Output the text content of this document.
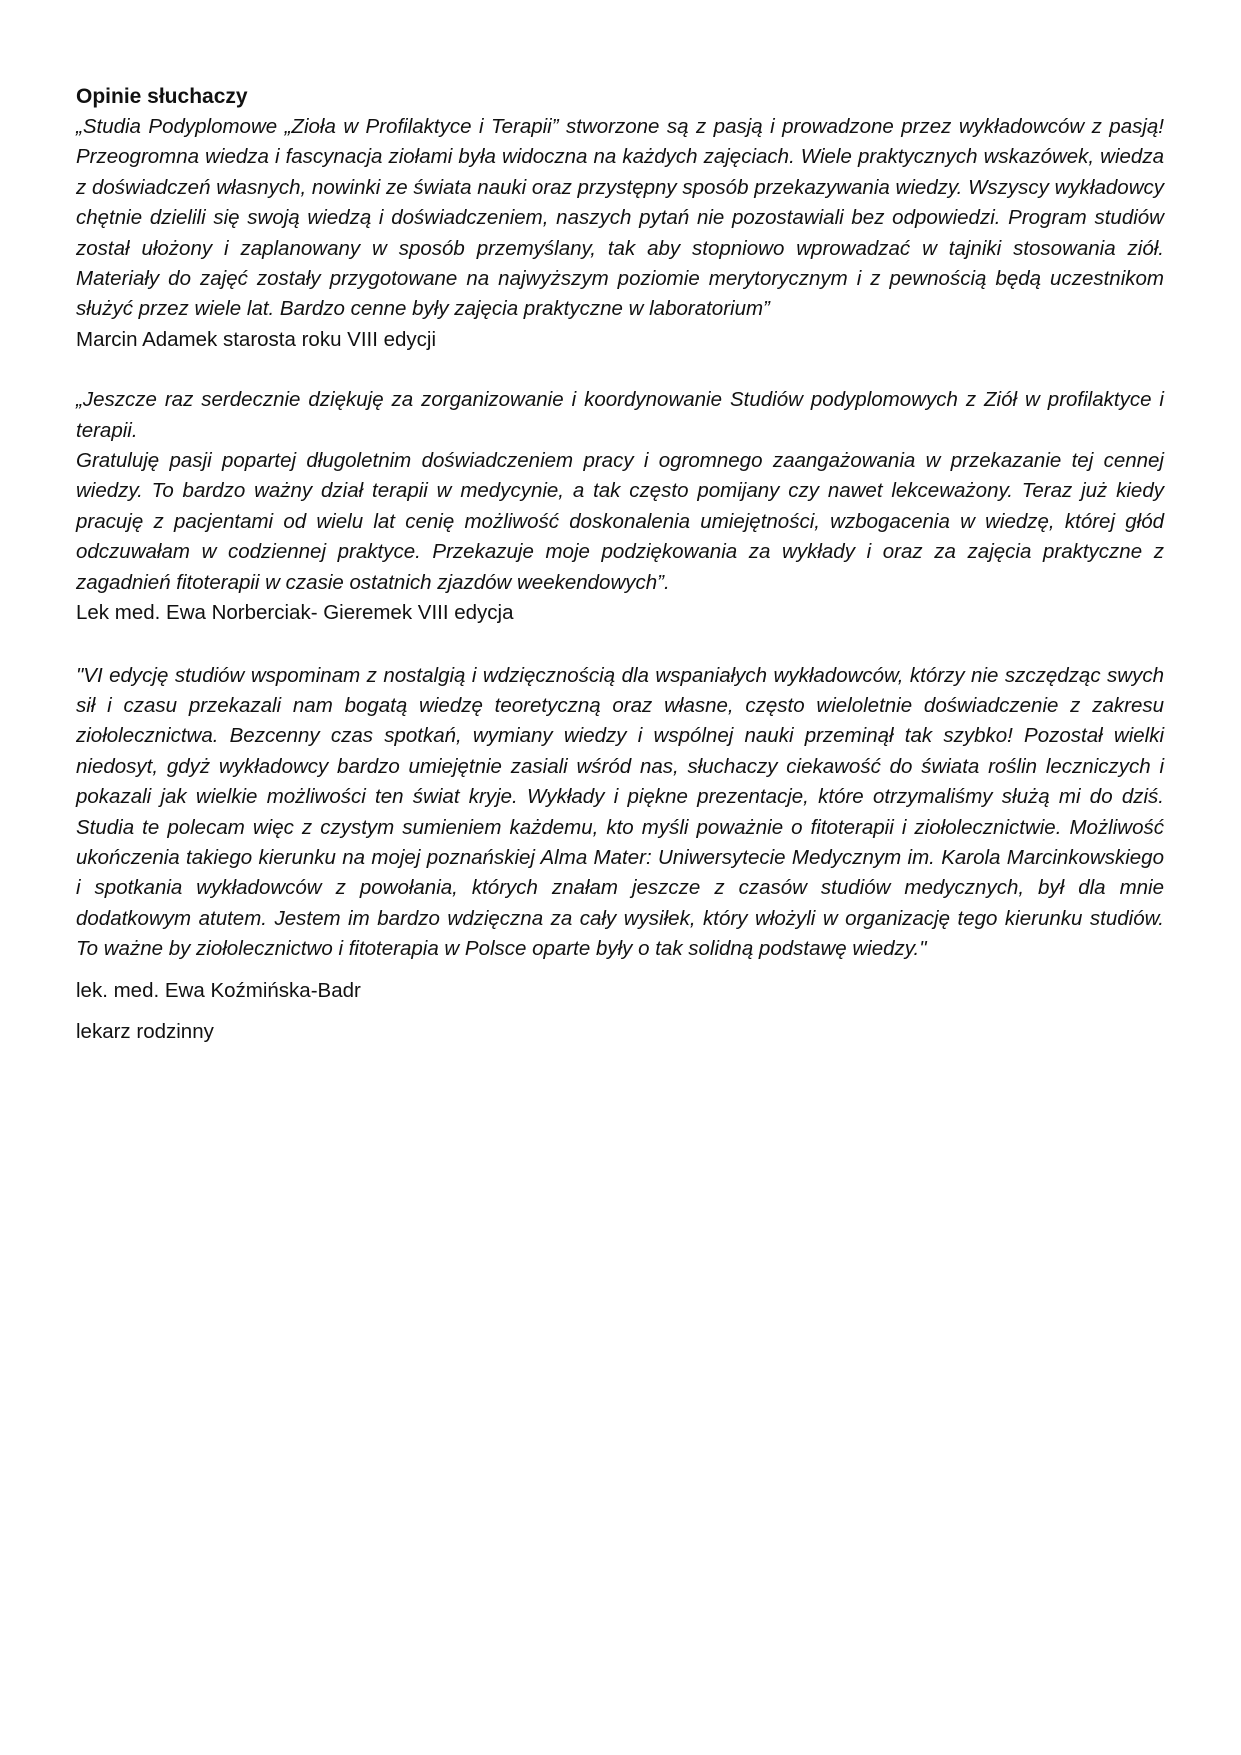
Opinie słuchaczy

„Studia Podyplomowe „Zioła w Profilaktyce i Terapii” stworzone są z pasją i prowadzone przez wykładowców z pasją! Przeogromna wiedza i fascynacja ziołami była widoczna na każdych zajęciach. Wiele praktycznych wskazówek, wiedza z doświadczeń własnych, nowinki ze świata nauki oraz przystępny sposób przekazywania wiedzy. Wszyscy wykładowcy chętnie dzielili się swoją wiedzą i doświadczeniem, naszych pytań nie pozostawiali bez odpowiedzi. Program studiów został ułożony i zaplanowany w sposób przemyślany, tak aby stopniowo wprowadzać w tajniki stosowania ziół. Materiały do zajęć zostały przygotowane na najwyższym poziomie merytorycznym i z pewnością będą uczestnikom służyć przez wiele lat. Bardzo cenne były zajęcia praktyczne w laboratorium”

Marcin Adamek starosta roku VIII edycji

„Jeszcze raz serdecznie dziękuję za zorganizowanie i koordynowanie Studiów podyplomowych z Ziół w profilaktyce i terapii.

Gratuluję pasji popartej długoletnim doświadczeniem pracy i ogromnego zaangażowania w przekazanie tej cennej wiedzy. To bardzo ważny dział terapii w medycynie, a tak często pomijany czy nawet lekceważony. Teraz już kiedy pracuję z pacjentami od wielu lat cenię możliwość doskonalenia umiejętności, wzbogacenia w wiedzę, której głód odczuwałam w codziennej praktyce. Przekazuje moje podziękowania za wykłady i oraz za zajęcia praktyczne z zagadnień fitoterapii w czasie ostatnich zjazdów weekendowych”.

Lek med. Ewa Norberciak- Gieremek VIII edycja

"VI edycję studiów wspominam z nostalgią i wdzięcznością dla wspaniałych wykładowców, którzy nie szczędząc swych sił i czasu przekazali nam bogatą wiedzę teoretyczną oraz własne, często wieloletnie doświadczenie z zakresu ziołolecznictwa. Bezcenny czas spotkań, wymiany wiedzy i wspólnej nauki przeminął tak szybko! Pozostał wielki niedosyt, gdyż wykładowcy bardzo umiejętnie zasiali wśród nas, słuchaczy ciekawość do świata roślin leczniczych i pokazali jak wielkie możliwości ten świat kryje. Wykłady i piękne prezentacje, które otrzymaliśmy służą mi do dziś. Studia te polecam więc z czystym sumieniem każdemu, kto myśli poważnie o fitoterapii i ziołolecznictwie. Możliwość ukończenia takiego kierunku na mojej poznańskiej Alma Mater: Uniwersytecie Medycznym im. Karola Marcinkowskiego i spotkania wykładowców z powołania, których znałam jeszcze z czasów studiów medycznych, był dla mnie dodatkowym atutem. Jestem im bardzo wdzięczna za cały wysiłek, który włożyli w organizację tego kierunku studiów. To ważne by ziołolecznictwo i fitoterapia w Polsce oparte były o tak solidną podstawę wiedzy."

lek. med. Ewa Koźmińska-Badr

lekarz rodzinny
